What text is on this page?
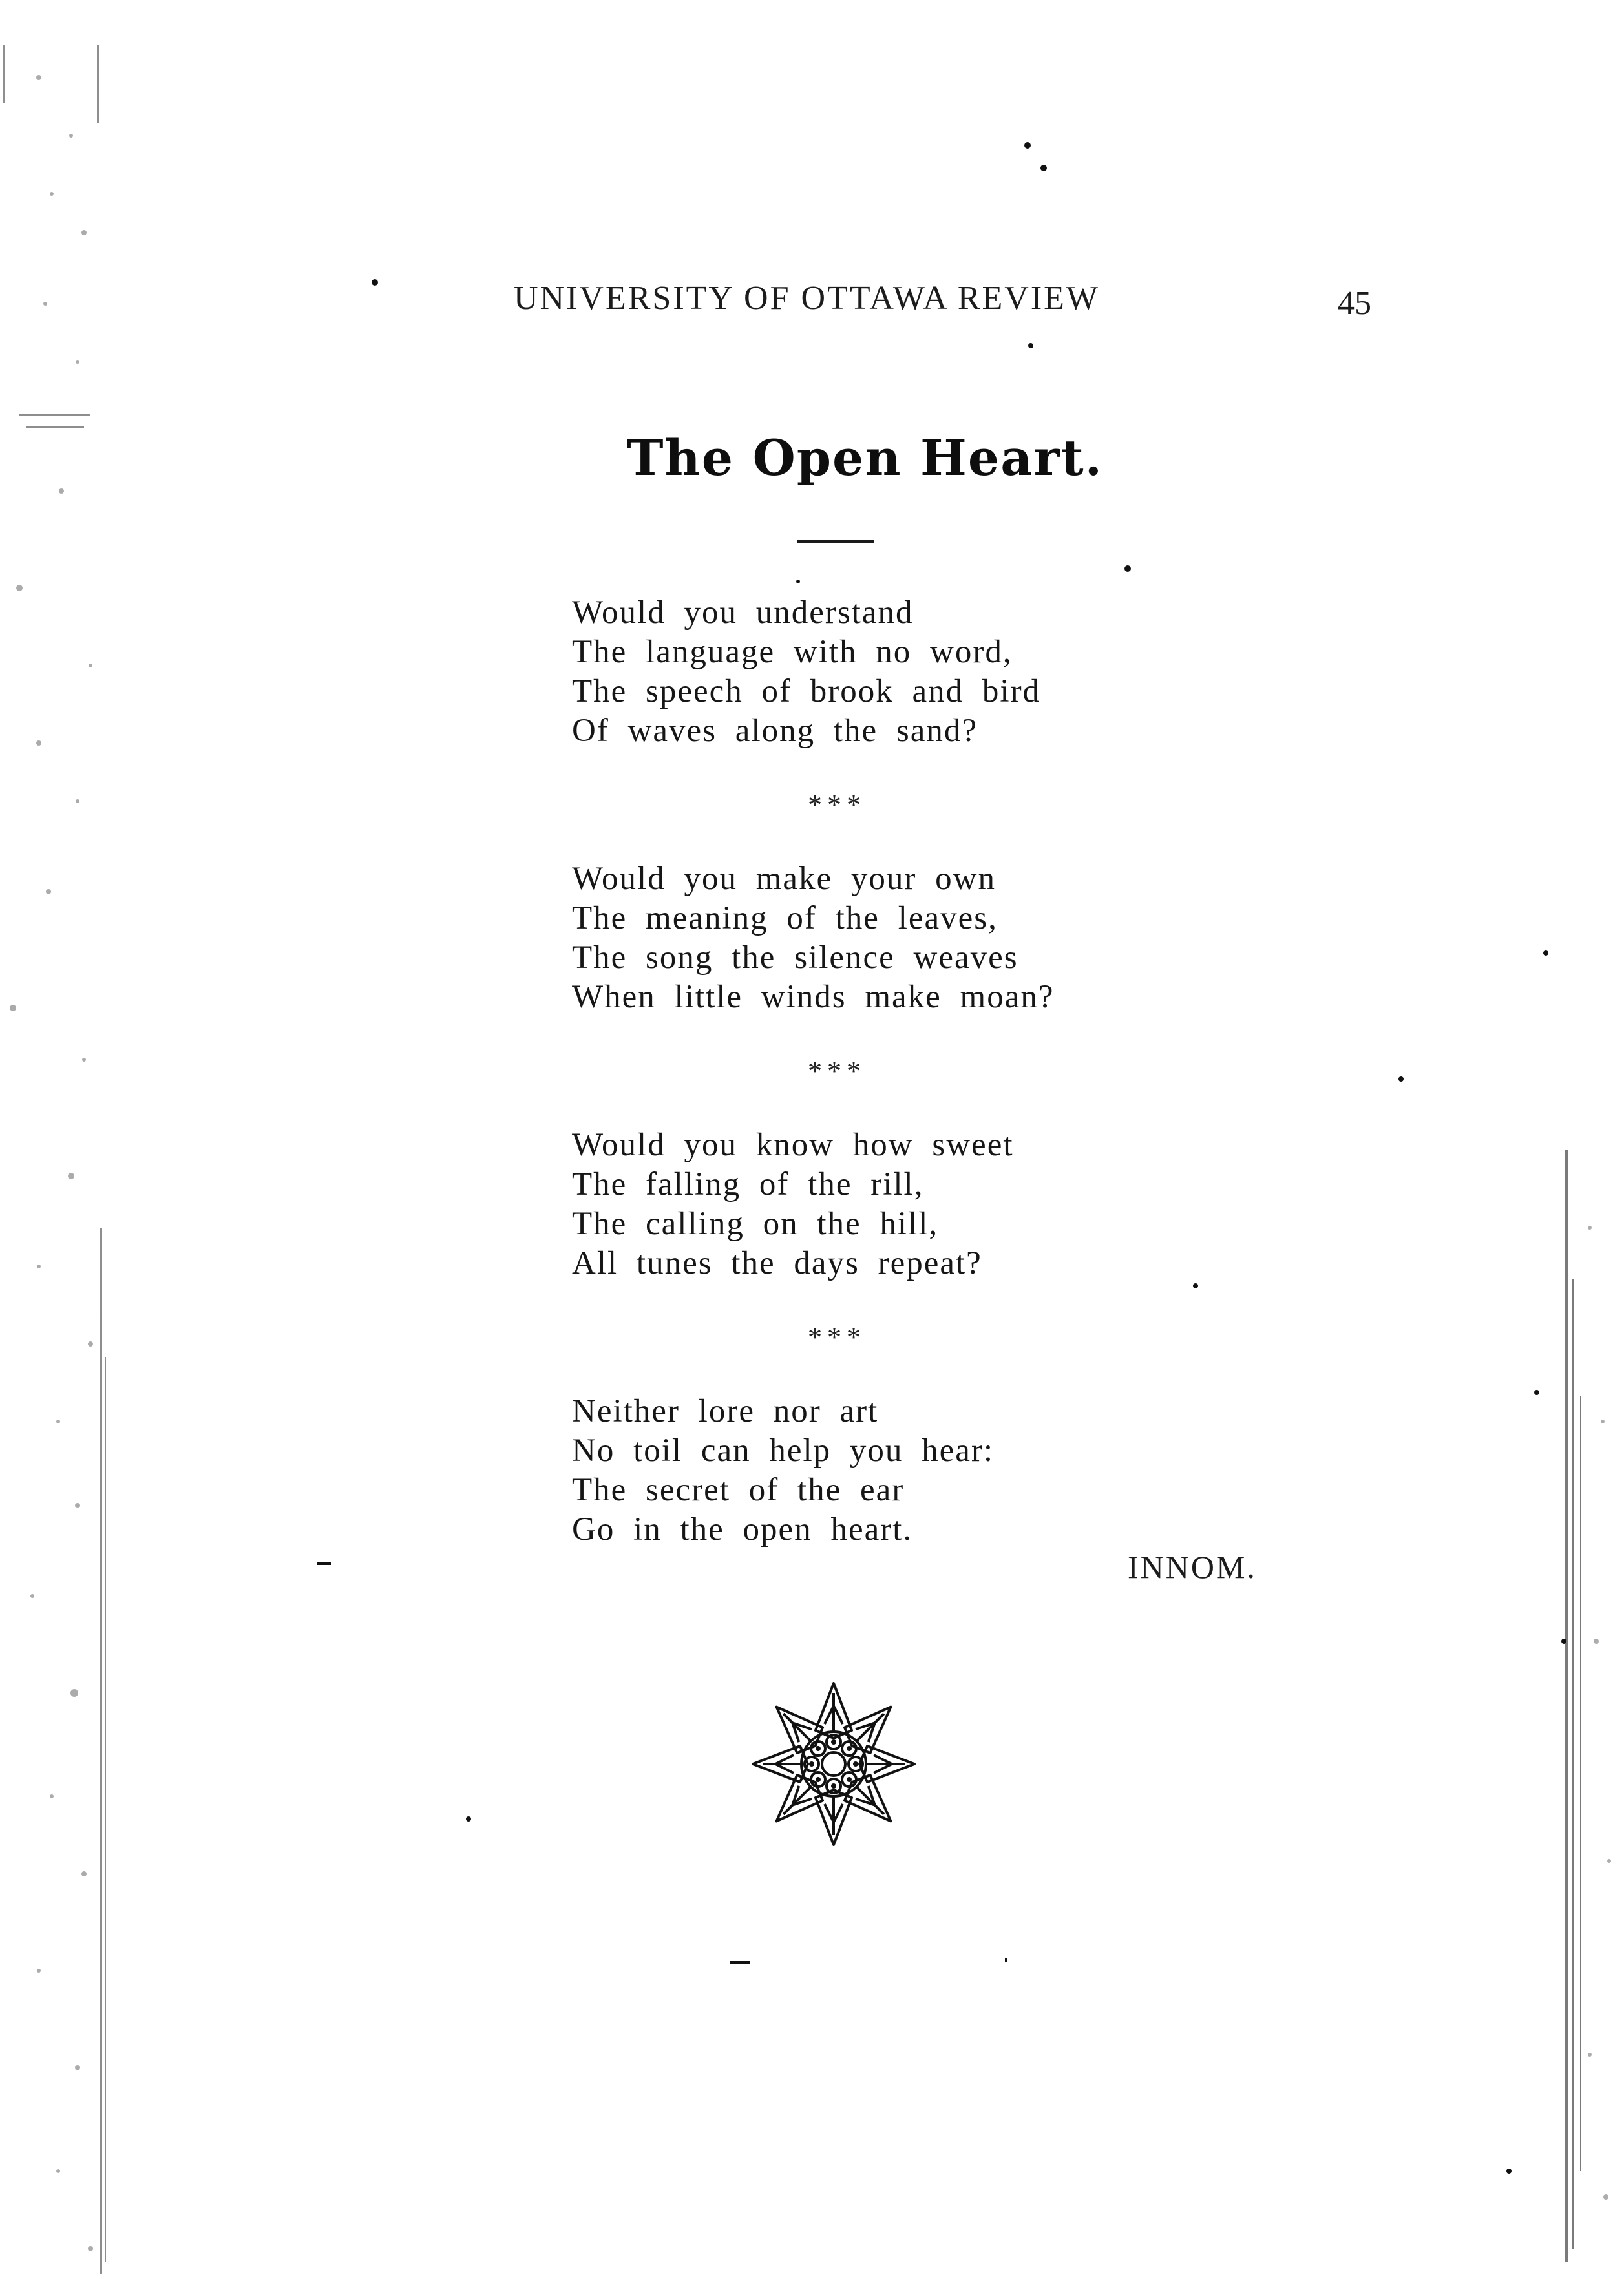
UNIVERSITY OF OTTAWA REVIEW	45
The Open Heart.
Would you understand
The language with no word,
The speech of brook and bird
Of waves along the sand?
***
Would you make your own
The meaning of the leaves,
The song the silence weaves
When little winds make moan?
***
Would you know how sweet
The falling of the rill,
The calling on the hill,
All tunes the days repeat?
***
Neither lore nor art
No toil can help you hear:
The secret of the ear
Go in the open heart.
INNOM.
